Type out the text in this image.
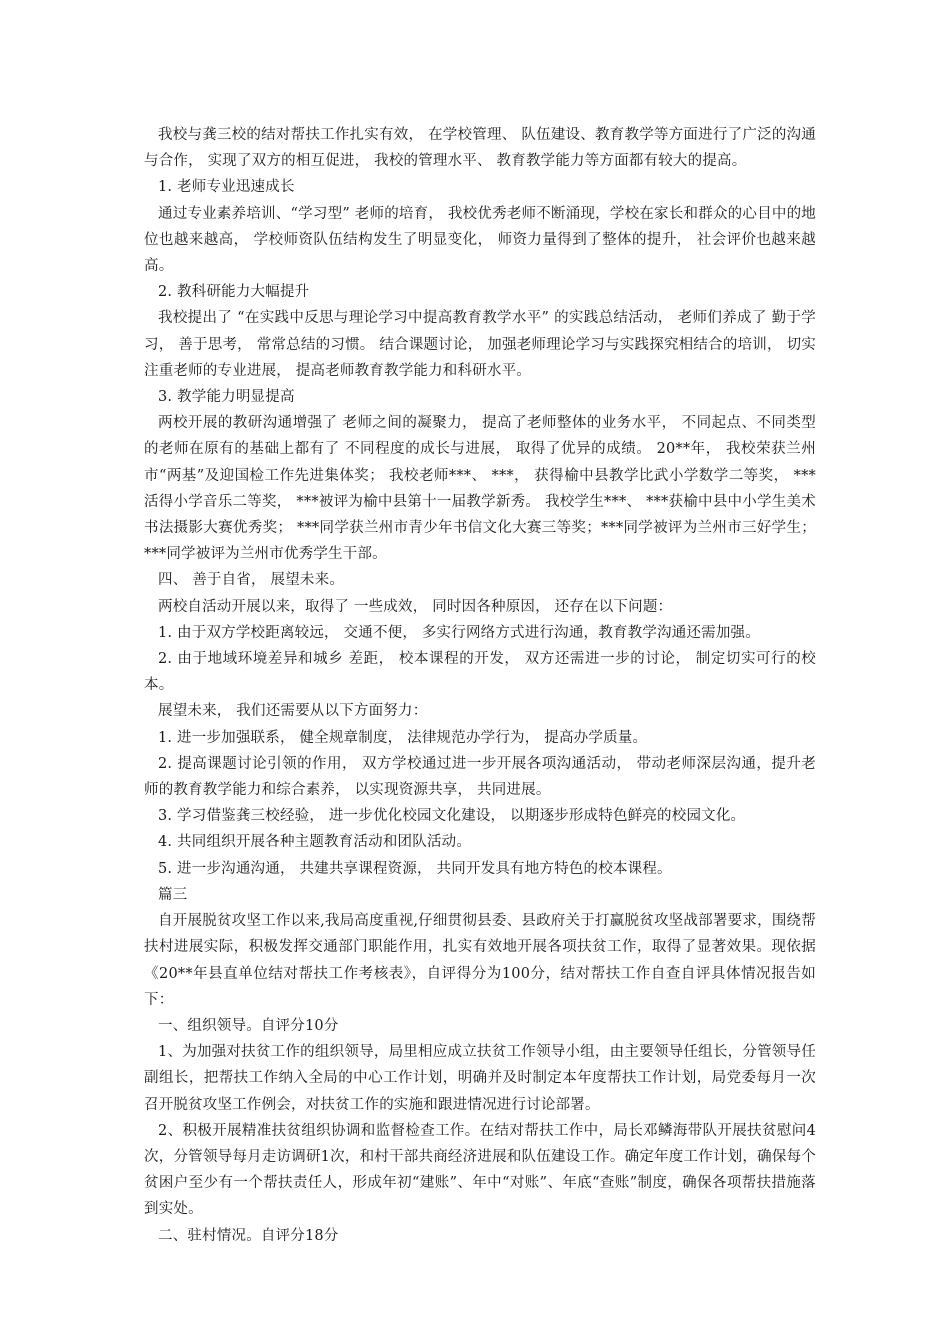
我校与龚三校的结对帮扶工作扎实有效， 在学校管理、 队伍建设、教育教学等方面进行了广泛的沟通与合作， 实现了双方的相互促进， 我校的管理水平、 教育教学能力等方面都有较大的提高。

1. 老师专业迅速成长

通过专业素养培训、“学习型” 老师的培育， 我校优秀老师不断涌现，学校在家长和群众的心目中的地位也越来越高， 学校师资队伍结构发生了明显变化， 师资力量得到了整体的提升， 社会评价也越来越高。

2. 教科研能力大幅提升

我校提出了 “在实践中反思与理论学习中提高教育教学水平” 的实践总结活动， 老师们养成了 勤于学习， 善于思考， 常常总结的习惯。 结合课题讨论， 加强老师理论学习与实践探究相结合的培训， 切实注重老师的专业进展， 提高老师教育教学能力和科研水平。

3. 教学能力明显提高

两校开展的教研沟通增强了 老师之间的凝聚力， 提高了老师整体的业务水平， 不同起点、不同类型的老师在原有的基础上都有了 不同程度的成长与进展， 取得了优异的成绩。 20**年， 我校荣获兰州市“两基”及迎国检工作先进集体奖； 我校老师***、 ***， 获得榆中县教学比武小学数学二等奖， ***活得小学音乐二等奖， ***被评为榆中县第十一届教学新秀。 我校学生***、 ***获榆中县中小学生美术书法摄影大赛优秀奖； ***同学获兰州市青少年书信文化大赛三等奖；***同学被评为兰州市三好学生； ***同学被评为兰州市优秀学生干部。

四、 善于自省， 展望未来。

两校自活动开展以来，取得了 一些成效， 同时因各种原因， 还存在以下问题：

1. 由于双方学校距离较远， 交通不便， 多实行网络方式进行沟通，教育教学沟通还需加强。

2. 由于地域环境差异和城乡 差距， 校本课程的开发， 双方还需进一步的讨论， 制定切实可行的校本。

展望未来， 我们还需要从以下方面努力：

1. 进一步加强联系， 健全规章制度， 法律规范办学行为， 提高办学质量。

2. 提高课题讨论引领的作用， 双方学校通过进一步开展各项沟通活动， 带动老师深层沟通，提升老师的教育教学能力和综合素养， 以实现资源共享， 共同进展。

3. 学习借鉴龚三校经验， 进一步优化校园文化建设， 以期逐步形成特色鲜亮的校园文化。

4. 共同组织开展各种主题教育活动和团队活动。

5. 进一步沟通沟通， 共建共享课程资源， 共同开发具有地方特色的校本课程。

篇三

自开展脱贫攻坚工作以来,我局高度重视,仔细贯彻县委、县政府关于打赢脱贫攻坚战部署要求，围绕帮扶村进展实际，积极发挥交通部门职能作用，扎实有效地开展各项扶贫工作，取得了显著效果。现依据《20**年县直单位结对帮扶工作考核表》，自评得分为100分，结对帮扶工作自查自评具体情况报告如下：

一、组织领导。自评分10分

1、为加强对扶贫工作的组织领导，局里相应成立扶贫工作领导小组，由主要领导任组长，分管领导任副组长，把帮扶工作纳入全局的中心工作计划，明确并及时制定本年度帮扶工作计划，局党委每月一次召开脱贫攻坚工作例会，对扶贫工作的实施和跟进情况进行讨论部署。

2、积极开展精准扶贫组织协调和监督检查工作。在结对帮扶工作中，局长邓鳞海带队开展扶贫慰问4次，分管领导每月走访调研1次，和村干部共商经济进展和队伍建设工作。确定年度工作计划，确保每个贫困户至少有一个帮扶责任人，形成年初“建账”、年中“对账”、年底“查账”制度，确保各项帮扶措施落到实处。

二、驻村情况。自评分18分
